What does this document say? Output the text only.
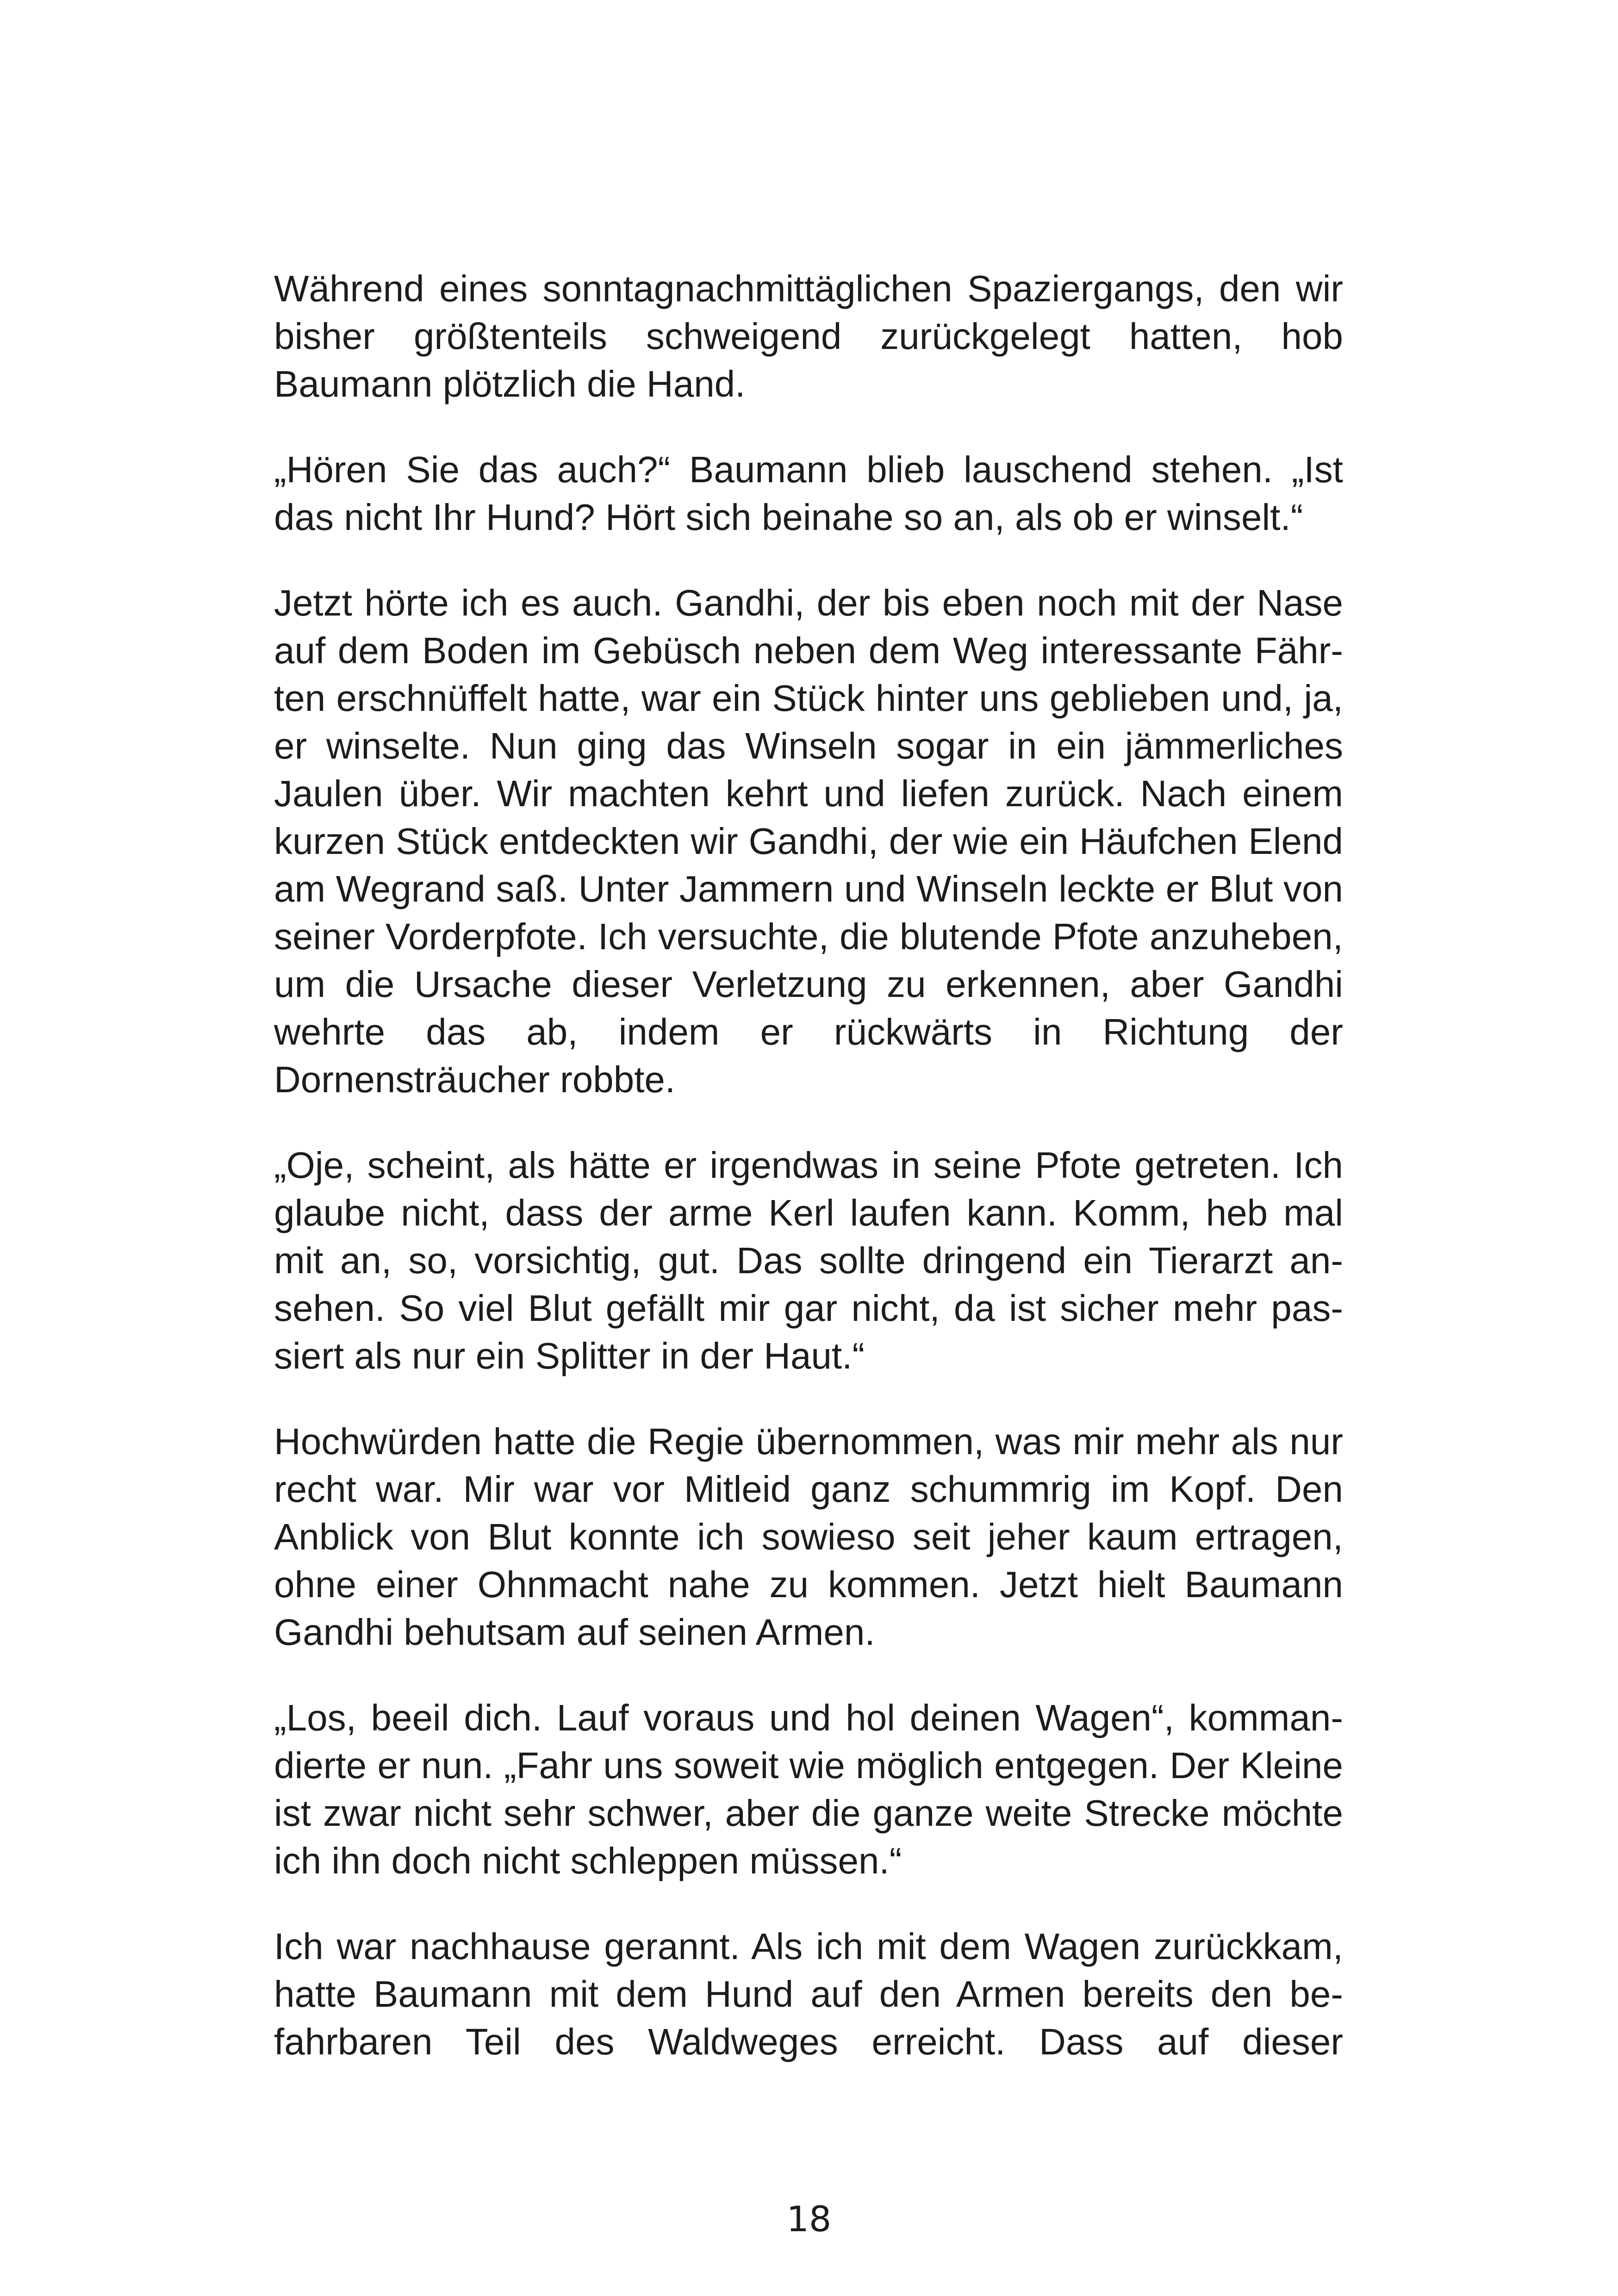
Während eines sonntagnachmittäglichen Spaziergangs, den wir bisher größtenteils schweigend zurückgelegt hatten, hob Baumann plötzlich die Hand.

„Hören Sie das auch?“ Baumann blieb lauschend stehen. „Ist das nicht Ihr Hund? Hört sich beinahe so an, als ob er winselt.“

Jetzt hörte ich es auch. Gandhi, der bis eben noch mit der Nase auf dem Boden im Gebüsch neben dem Weg interessante Fährten erschnüffelt hatte, war ein Stück hinter uns geblieben und, ja, er winselte. Nun ging das Winseln sogar in ein jämmerliches Jaulen über. Wir machten kehrt und liefen zurück. Nach einem kurzen Stück entdeckten wir Gandhi, der wie ein Häufchen Elend am Wegrand saß. Unter Jammern und Winseln leckte er Blut von seiner Vorderpfote. Ich versuchte, die blutende Pfote anzuheben, um die Ursache dieser Verletzung zu erkennen, aber Gandhi wehrte das ab, indem er rückwärts in Richtung der Dornensträucher robbte.

„Oje, scheint, als hätte er irgendwas in seine Pfote getreten. Ich glaube nicht, dass der arme Kerl laufen kann. Komm, heb mal mit an, so, vorsichtig, gut. Das sollte dringend ein Tierarzt ansehen. So viel Blut gefällt mir gar nicht, da ist sicher mehr passiert als nur ein Splitter in der Haut.“

Hochwürden hatte die Regie übernommen, was mir mehr als nur recht war. Mir war vor Mitleid ganz schummrig im Kopf. Den Anblick von Blut konnte ich sowieso seit jeher kaum ertragen, ohne einer Ohnmacht nahe zu kommen. Jetzt hielt Baumann Gandhi behutsam auf seinen Armen.

„Los, beeil dich. Lauf voraus und hol deinen Wagen“, kommandierte er nun. „Fahr uns soweit wie möglich entgegen. Der Kleine ist zwar nicht sehr schwer, aber die ganze weite Strecke möchte ich ihn doch nicht schleppen müssen.“

Ich war nachhause gerannt. Als ich mit dem Wagen zurückkam, hatte Baumann mit dem Hund auf den Armen bereits den befahrbaren Teil des Waldweges erreicht. Dass auf dieser

18
